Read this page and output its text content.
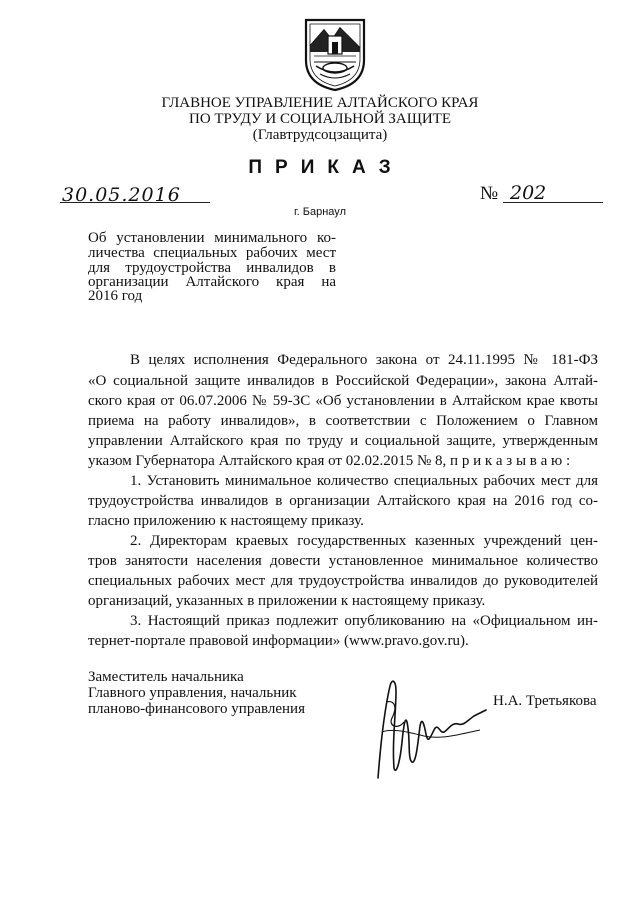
ГЛАВНОЕ УПРАВЛЕНИЕ АЛТАЙСКОГО КРАЯ
ПО ТРУДУ И СОЦИАЛЬНОЙ ЗАЩИТЕ
(Главтрудсоцзащита)
ПРИКАЗ
30.05.2016	№ 202
г. Барнаул
Об установлении минимального ко-
личества специальных рабочих мест
для трудоустройства инвалидов в
организации Алтайского края на
2016 год
В целях исполнения Федерального закона от 24.11.1995 № 181-ФЗ
«О социальной защите инвалидов в Российской Федерации», закона Алтай-
ского края от 06.07.2006 № 59-ЗС «Об установлении в Алтайском крае квоты
приема на работу инвалидов», в соответствии с Положением о Главном
управлении Алтайского края по труду и социальной защите, утвержденным
указом Губернатора Алтайского края от 02.02.2015 № 8, п р и к а з ы в а ю :
1. Установить минимальное количество специальных рабочих мест для
трудоустройства инвалидов в организации Алтайского края на 2016 год со-
гласно приложению к настоящему приказу.
2. Директорам краевых государственных казенных учреждений цен-
тров занятости населения довести установленное минимальное количество
специальных рабочих мест для трудоустройства инвалидов до руководителей
организаций, указанных в приложении к настоящему приказу.
3. Настоящий приказ подлежит опубликованию на «Официальном ин-
тернет-портале правовой информации» (www.pravo.gov.ru).
Заместитель начальника
Главного управления, начальник
планово-финансового управления	Н.А. Третьякова
